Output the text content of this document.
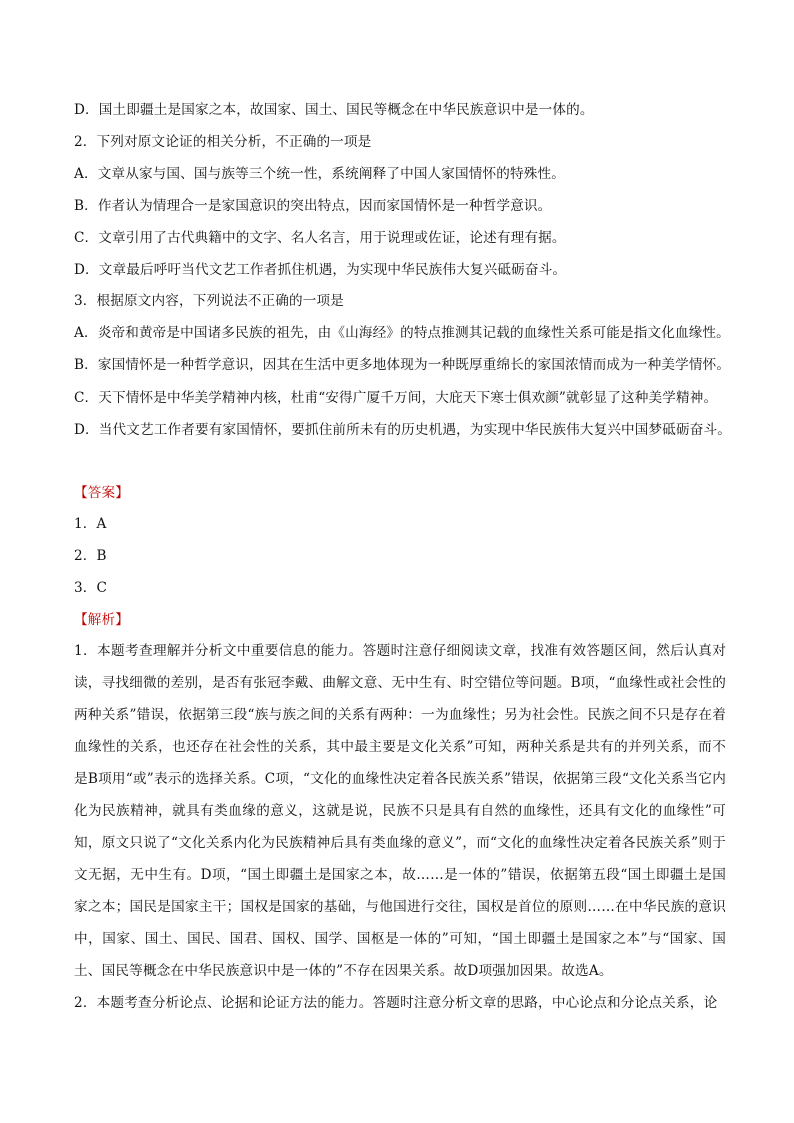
D．国土即疆土是国家之本，故国家、国土、国民等概念在中华民族意识中是一体的。
2．下列对原文论证的相关分析，不正确的一项是
A．文章从家与国、国与族等三个统一性，系统阐释了中国人家国情怀的特殊性。
B．作者认为情理合一是家国意识的突出特点，因而家国情怀是一种哲学意识。
C．文章引用了古代典籍中的文字、名人名言，用于说理或佐证，论述有理有据。
D．文章最后呼吁当代文艺工作者抓住机遇，为实现中华民族伟大复兴砥砺奋斗。
3．根据原文内容，下列说法不正确的一项是
A．炎帝和黄帝是中国诸多民族的祖先，由《山海经》的特点推测其记载的血缘性关系可能是指文化血缘性。
B．家国情怀是一种哲学意识，因其在生活中更多地体现为一种既厚重绵长的家国浓情而成为一种美学情怀。
C．天下情怀是中华美学精神内核，杜甫“安得广厦千万间，大庇天下寒士俱欢颜”就彰显了这种美学精神。
D．当代文艺工作者要有家国情怀，要抓住前所未有的历史机遇，为实现中华民族伟大复兴中国梦砥砺奋斗。
【答案】
1．A
2．B
3．C
【解析】
1．本题考查理解并分析文中重要信息的能力。答题时注意仔细阅读文章，找准有效答题区间，然后认真对读，寻找细微的差别，是否有张冠李戴、曲解文意、无中生有、时空错位等问题。B项，“血缘性或社会性的两种关系”错误，依据第三段“族与族之间的关系有两种：一为血缘性；另为社会性。民族之间不只是存在着血缘性的关系，也还存在社会性的关系，其中最主要是文化关系”可知，两种关系是共有的并列关系，而不是B项用“或”表示的选择关系。C项，“文化的血缘性决定着各民族关系”错误，依据第三段“文化关系当它内化为民族精神，就具有类血缘的意义，这就是说，民族不只是具有自然的血缘性，还具有文化的血缘性”可知，原文只说了“文化关系内化为民族精神后具有类血缘的意义”，而“文化的血缘性决定着各民族关系”则于文无据，无中生有。D项，“国土即疆土是国家之本，故……是一体的”错误，依据第五段“国土即疆土是国家之本；国民是国家主干；国权是国家的基础，与他国进行交往，国权是首位的原则……在中华民族的意识中，国家、国土、国民、国君、国权、国学、国枢是一体的”可知，“国土即疆土是国家之本”与“国家、国土、国民等概念在中华民族意识中是一体的”不存在因果关系。故D项强加因果。故选A。
2．本题考查分析论点、论据和论证方法的能力。答题时注意分析文章的思路，中心论点和分论点关系，论
